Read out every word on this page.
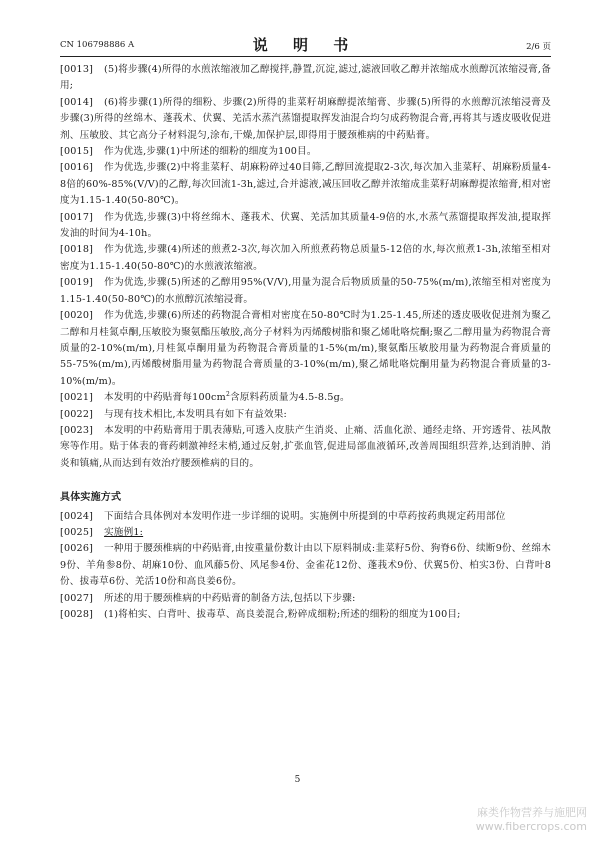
CN 106798886 A	说 明 书	2/6 页

[0013] (5)将步骤(4)所得的水煎浓缩液加乙醇搅拌,静置,沉淀,滤过,滤液回收乙醇并浓缩成水煎醇沉浓缩浸膏,备用;

[0014] (6)将步骤(1)所得的细粉、步骤(2)所得的韭菜籽胡麻醇提浓缩膏、步骤(5)所得的水煎醇沉浓缩浸膏及步骤(3)所得的丝绵木、蓬莪术、伏翼、羌活水蒸汽蒸馏提取挥发油混合均匀成药物混合膏,再将其与透皮吸收促进剂、压敏胶、其它高分子材料混匀,涂布,干燥,加保护层,即得用于腰颈椎病的中药贴膏。

[0015] 作为优选,步骤(1)中所述的细粉的细度为100目。

[0016] 作为优选,步骤(2)中将韭菜籽、胡麻粉碎过40目筛,乙醇回流提取2-3次,每次加入韭菜籽、胡麻粉质量4-8倍的60%-85%(V/V)的乙醇,每次回流1-3h,滤过,合并滤液,减压回收乙醇并浓缩成韭菜籽胡麻醇提浓缩膏,相对密度为1.15-1.40(50-80℃)。

[0017] 作为优选,步骤(3)中将丝绵木、蓬莪术、伏翼、羌活加其质量4-9倍的水,水蒸气蒸馏提取挥发油,提取挥发油的时间为4-10h。

[0018] 作为优选,步骤(4)所述的煎煮2-3次,每次加入所煎煮药物总质量5-12倍的水,每次煎煮1-3h,浓缩至相对密度为1.15-1.40(50-80℃)的水煎液浓缩液。

[0019] 作为优选,步骤(5)所述的乙醇用95%(V/V),用量为混合后物质质量的50-75%(m/m),浓缩至相对密度为1.15-1.40(50-80℃)的水煎醇沉浓缩浸膏。

[0020] 作为优选,步骤(6)所述的药物混合膏相对密度在50-80℃时为1.25-1.45,所述的透皮吸收促进剂为聚乙二醇和月桂氮卓酮,压敏胶为聚氨酯压敏胶,高分子材料为丙烯酸树脂和聚乙烯吡咯烷酮;聚乙二醇用量为药物混合膏质量的2-10%(m/m),月桂氮卓酮用量为药物混合膏质量的1-5%(m/m),聚氨酯压敏胶用量为药物混合膏质量的55-75%(m/m),丙烯酸树脂用量为药物混合膏质量的3-10%(m/m),聚乙烯吡咯烷酮用量为药物混合膏质量的3-10%(m/m)。

[0021] 本发明的中药贴膏每$100cm^2$含原料药质量为4.5-8.5g。

[0022] 与现有技术相比,本发明具有如下有益效果:

[0023] 本发明的中药贴膏用于肌表薄贴,可透入皮肤产生消炎、止痛、活血化淤、通经走络、开窍透骨、祛风散寒等作用。贴于体表的膏药刺激神经末梢,通过反射,扩张血管,促进局部血液循环,改善周围组织营养,达到消肿、消炎和镇痛,从而达到有效治疗腰颈椎病的目的。

具体实施方式

[0024] 下面结合具体例对本发明作进一步详细的说明。实施例中所提到的中草药按药典规定药用部位

[0025] 实施例1:

[0026] 一种用于腰颈椎病的中药贴膏,由按重量份数计由以下原料制成:韭菜籽5份、狗脊6份、续断9份、丝绵木9份、羊角参8份、胡麻10份、血风藤5份、风尾参4份、金雀花12份、蓬莪术9份、伏翼5份、柏实3份、白背叶8份、拔毒草6份、羌活10份和高良姜6份。

[0027] 所述的用于腰颈椎病的中药贴膏的制备方法,包括以下步骤:

[0028] (1)将柏实、白背叶、拔毒草、高良姜混合,粉碎成细粉;所述的细粉的细度为100目;

5
麻类作物营养与施肥网
www.fibercrops.com
